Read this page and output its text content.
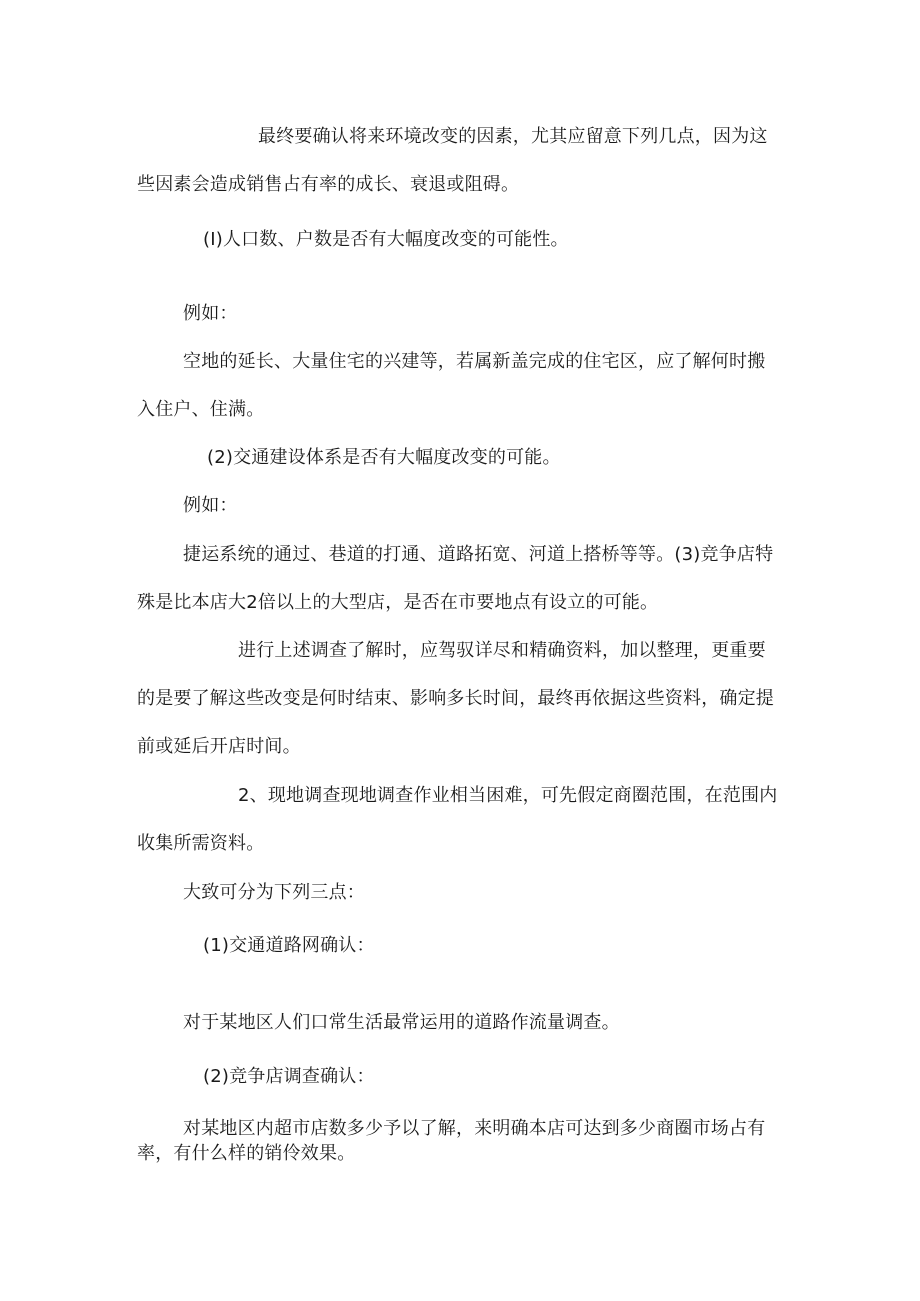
最终要确认将来环境改变的因素，尤其应留意下列几点，因为这

些因素会造成销售占有率的成长、衰退或阻碍。

(I)人口数、户数是否有大幅度改变的可能性。

例如：

空地的延长、大量住宅的兴建等，若属新盖完成的住宅区，应了解何时搬

入住户、住满。

(2)交通建设体系是否有大幅度改变的可能。

例如：

捷运系统的通过、巷道的打通、道路拓宽、河道上搭桥等等。(3)竞争店特

殊是比本店大2倍以上的大型店，是否在市要地点有设立的可能。

进行上述调查了解时，应驾驭详尽和精确资料，加以整理，更重要

的是要了解这些改变是何时结束、影响多长时间，最终再依据这些资料，确定提

前或延后开店时间。

2、现地调查现地调查作业相当困难，可先假定商圈范围，在范围内

收集所需资料。

大致可分为下列三点：

(1)交通道路网确认：

对于某地区人们口常生活最常运用的道路作流量调查。

(2)竞争店调查确认：

对某地区内超市店数多少予以了解，来明确本店可达到多少商圈市场占有

率，有什么样的销伶效果。
